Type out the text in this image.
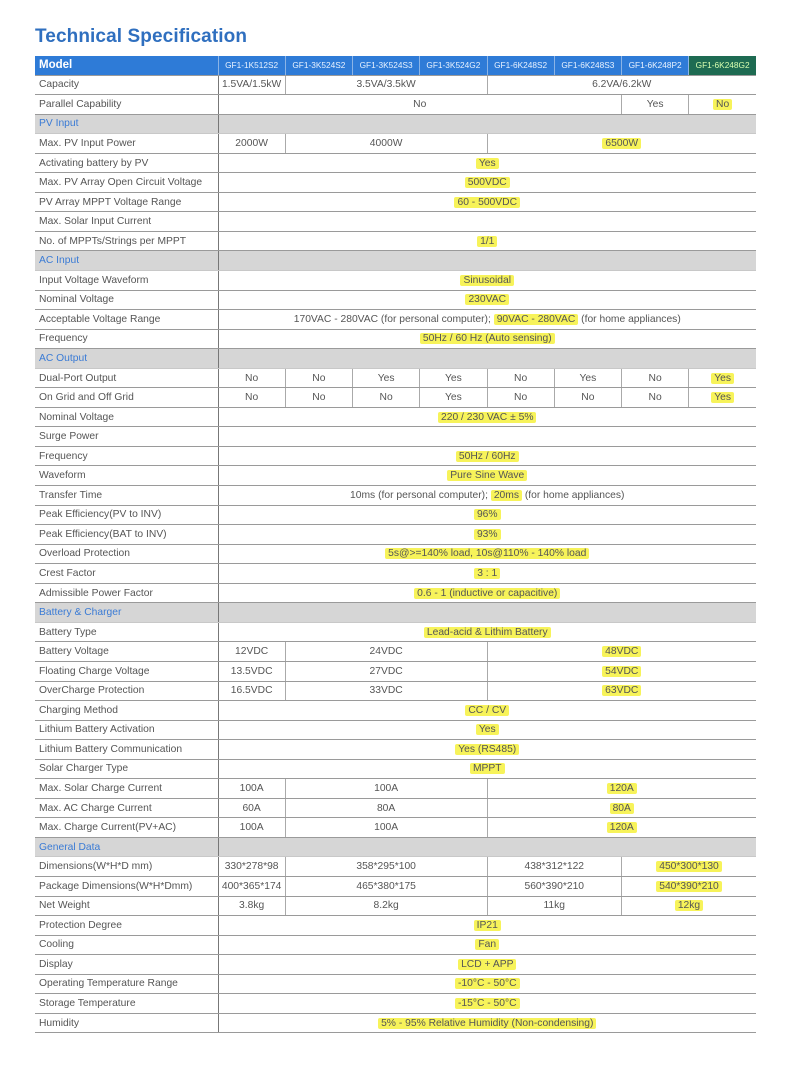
Technical Specification
Model	GF1-1K512S2	GF1-3K524S2	GF1-3K524S3	GF1-3K524G2	GF1-6K248S2	GF1-6K248S3	GF1-6K248P2	GF1-6K248G2
Capacity	1.5VA/1.5kW	3.5VA/3.5kW			6.2VA/6.2kW			
Parallel Capability	No						Yes	No
PV Input								
Max. PV Input Power	2000W	4000W			6500W			
Activating battery by PV	Yes							
Max. PV Array Open Circuit Voltage	500VDC							
PV Array MPPT Voltage Range	60 - 500VDC							
Max. Solar Input Current								
No. of MPPTs/Strings per MPPT	1/1							
AC Input								
Input Voltage Waveform	Sinusoidal							
Nominal Voltage	230VAC							
Acceptable Voltage Range	170VAC - 280VAC (for personal computer); 90VAC - 280VAC (for home appliances)							
Frequency	50Hz / 60 Hz (Auto sensing)							
AC Output								
Dual-Port Output	No	No	Yes	Yes	No	Yes	No	Yes
On Grid and Off Grid	No	No	No	Yes	No	No	No	Yes
Nominal Voltage	220 / 230 VAC ± 5%							
Surge Power								
Frequency	50Hz / 60Hz							
Waveform	Pure Sine Wave							
Transfer Time	10ms (for personal computer); 20ms (for home appliances)							
Peak Efficiency(PV to INV)	96%							
Peak Efficiency(BAT to INV)	93%							
Overload Protection	5s@>=140% load, 10s@110% - 140% load							
Crest Factor	3 : 1							
Admissible Power Factor	0.6 - 1 (inductive or capacitive)							
Battery & Charger								
Battery Type	Lead-acid & Lithim Battery							
Battery Voltage	12VDC	24VDC			48VDC			
Floating Charge Voltage	13.5VDC	27VDC			54VDC			
OverCharge Protection	16.5VDC	33VDC			63VDC			
Charging Method	CC / CV							
Lithium Battery Activation	Yes							
Lithium Battery Communication	Yes (RS485)							
Solar Charger Type	MPPT							
Max. Solar Charge Current	100A	100A			120A			
Max. AC Charge Current	60A	80A			80A			
Max. Charge Current(PV+AC)	100A	100A			120A			
General Data								
Dimensions(W*H*D mm)	330*278*98	358*295*100			438*312*122		450*300*130	
Package Dimensions(W*H*Dmm)	400*365*174	465*380*175			560*390*210		540*390*210	
Net Weight	3.8kg	8.2kg			11kg		12kg	
Protection Degree	IP21							
Cooling	Fan							
Display	LCD + APP							
Operating Temperature Range	-10°C - 50°C							
Storage Temperature	-15°C - 50°C							
Humidity	5% - 95% Relative Humidity (Non-condensing)							
